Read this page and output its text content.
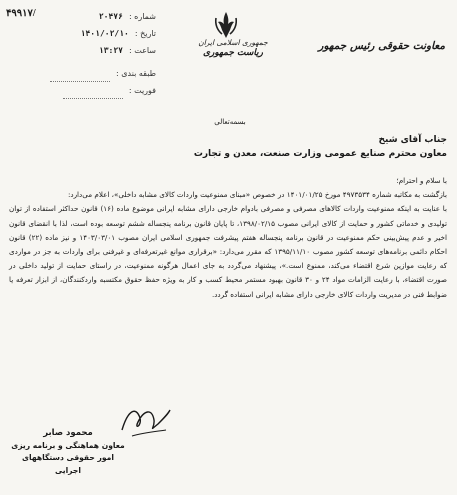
شماره :
۲۰۴۷۶
تاریخ :
۱۴۰۱/۰۲/۱۰
ساعت :
۱۳:۲۷
طبقه بندی :
فوریت :
۴۹۹۱۷/
جمهوری اسلامی ایران
ریاست جمهوری
معاونت حقوقی رئیس جمهور
بسمه‌تعالی
جناب آقای شیخ
معاون محترم صنایع عمومی وزارت صنعت، معدن و تجارت

با سلام و احترام؛

بازگشت به مکاتبه شماره ۴۹۷۳۵۳۴ مورخ ۱۴۰۱/۰۱/۲۵ در خصوص «مبنای ممنوعیت واردات کالای مشابه داخلی»، اعلام می‌دارد:

با عنایت به اینکه ممنوعیت واردات کالاهای مصرفی و مصرفی بادوام خارجی دارای مشابه ایرانی موضوع ماده (۱۶) قانون حداکثر استفاده از توان تولیدی و خدماتی کشور و حمایت از کالای ایرانی مصوب ۱۳۹۸/۰۲/۱۵، تا پایان قانون برنامه پنجساله ششم توسعه بوده است، لذا با انقضای قانون اخیر و عدم پیش‌بینی حکم ممنوعیت در قانون برنامه پنجساله هفتم پیشرفت جمهوری اسلامی ایران مصوب ۱۴۰۳/۰۳/۰۱ و نیز ماده (۲۲) قانون احکام دائمی برنامه‌های توسعه کشور مصوب ۱۳۹۵/۱۱/۱۰ که مقرر می‌دارد: «برقراری موانع غیرتعرفه‌ای و غیرفنی برای واردات به جز در مواردی که رعایت موازین شرع اقتضاء می‌کند، ممنوع است.»، پیشنهاد می‌گردد به جای اعمال هرگونه ممنوعیت، در راستای حمایت از تولید داخلی در صورت اقتضاء، با رعایت الزامات مواد ۲۴ و ۳۰ قانون بهبود مستمر محیط کسب و کار به ویژه حفظ حقوق مکتسبه واردکنندگان، از ابزار تعرفه یا ضوابط فنی در مدیریت واردات کالای خارجی دارای مشابه ایرانی استفاده گردد.

محمود صابر
معاون هماهنگی و برنامه ریزی
امور حقوقی دستگاههای اجرایی
